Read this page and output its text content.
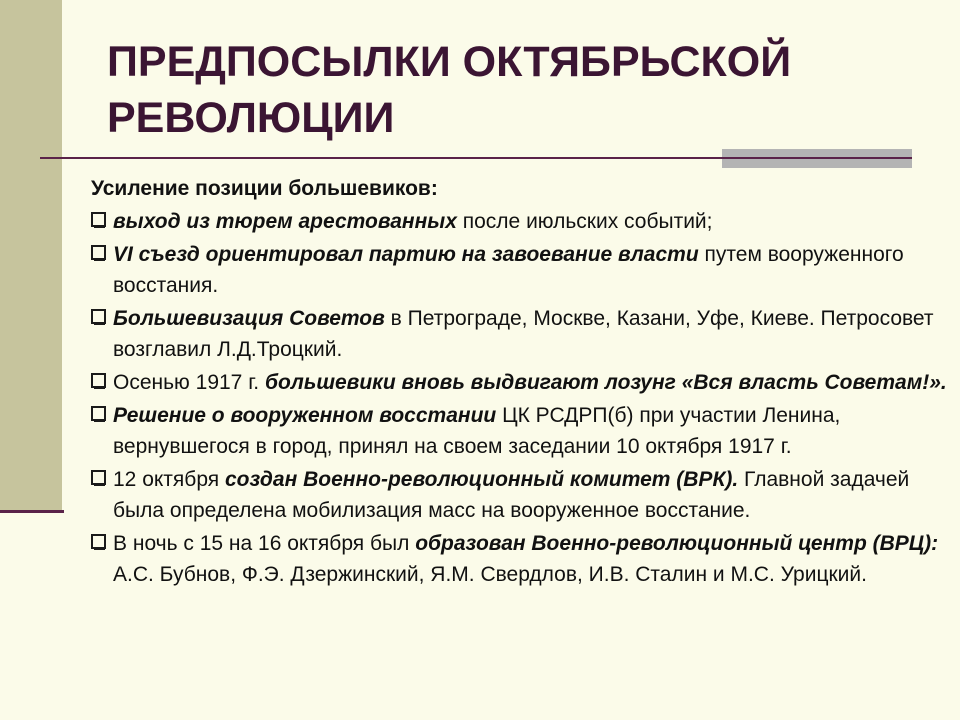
ПРЕДПОСЫЛКИ ОКТЯБРЬСКОЙ РЕВОЛЮЦИИ

Усиление позиции большевиков:

выход из тюрем арестованных после июльских событий;
VI съезд ориентировал партию на завоевание власти путем вооруженного восстания.
Большевизация Советов в Петрограде, Москве, Казани, Уфе, Киеве. Петросовет возглавил Л.Д.Троцкий.
Осенью 1917 г. большевики вновь выдвигают лозунг «Вся власть Советам!».
Решение о вооруженном восстании ЦК РСДРП(б) при участии Ленина, вернувшегося в город, принял на своем заседании 10 октября 1917 г.
12 октября создан Военно-революционный комитет (ВРК). Главной задачей была определена мобилизация масс на вооруженное восстание.
В ночь с 15 на 16 октября был образован Военно-революционный центр (ВРЦ): А.С. Бубнов, Ф.Э. Дзержинский, Я.М. Свердлов, И.В. Сталин и М.С. Урицкий.
